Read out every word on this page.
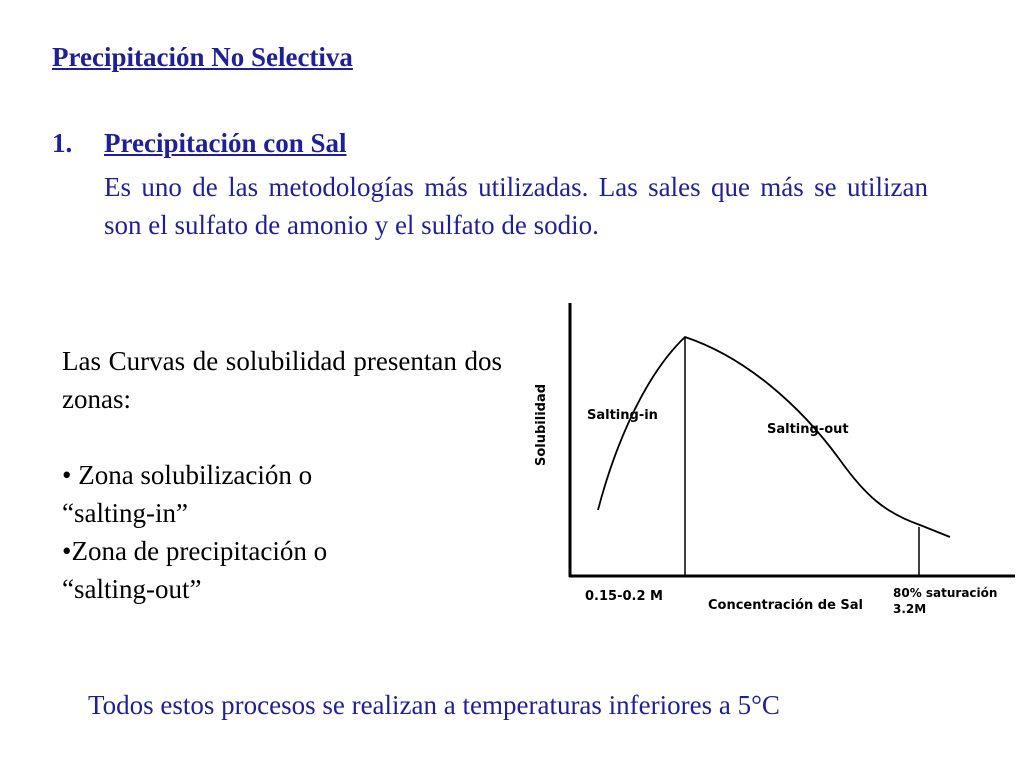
Precipitación No Selectiva
1. Precipitación con Sal
Es uno de las metodologías más utilizadas. Las sales que más se utilizan son el sulfato de amonio y el sulfato de sodio.
Las Curvas de solubilidad presentan dos zonas:
• Zona solubilización o
“salting-in”
•Zona de precipitación o
“salting-out”
Solubilidad	Salting-in
Salting-out
0.15-0.2 M
Concentración de Sal
80% saturación
3.2M
Todos estos procesos se realizan a temperaturas inferiores a 5°C
